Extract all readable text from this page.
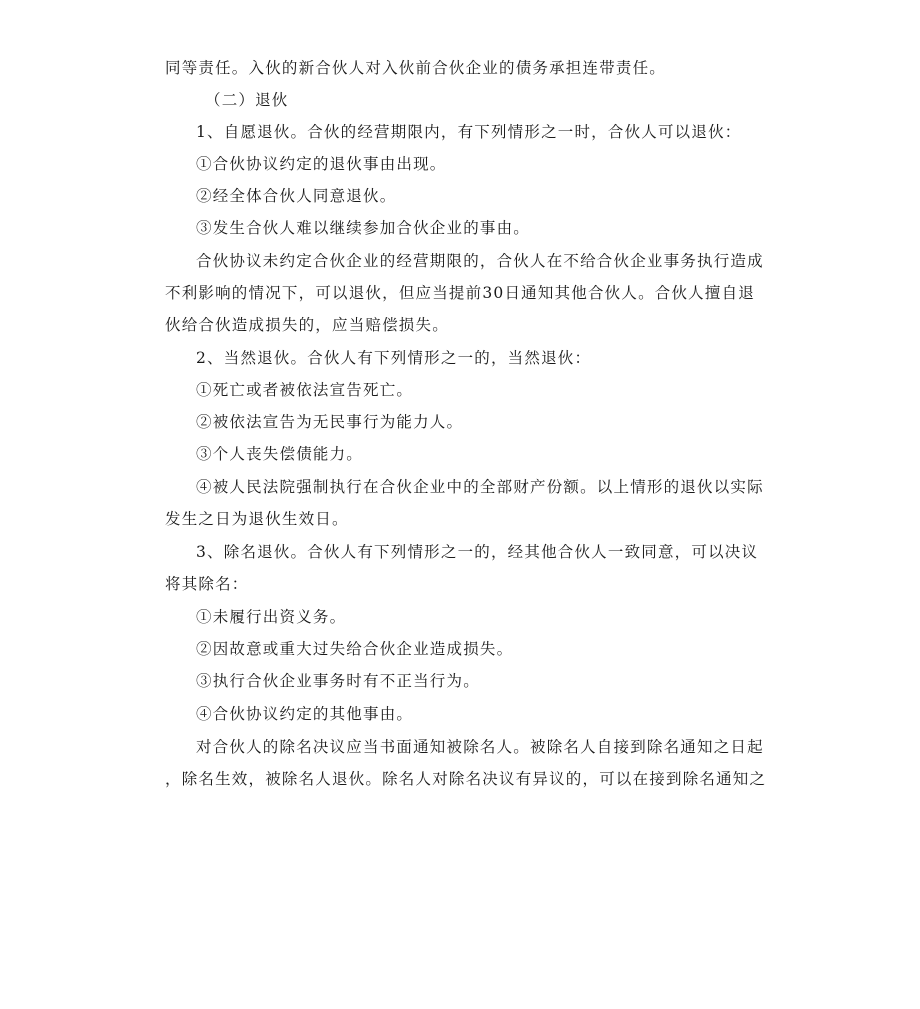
同等责任。入伙的新合伙人对入伙前合伙企业的债务承担连带责任。
（二）退伙
1、自愿退伙。合伙的经营期限内，有下列情形之一时，合伙人可以退伙：
①合伙协议约定的退伙事由出现。
②经全体合伙人同意退伙。
③发生合伙人难以继续参加合伙企业的事由。
合伙协议未约定合伙企业的经营期限的，合伙人在不给合伙企业事务执行造成
不利影响的情况下，可以退伙，但应当提前30日通知其他合伙人。合伙人擅自退
伙给合伙造成损失的，应当赔偿损失。
2、当然退伙。合伙人有下列情形之一的，当然退伙：
①死亡或者被依法宣告死亡。
②被依法宣告为无民事行为能力人。
③个人丧失偿债能力。
④被人民法院强制执行在合伙企业中的全部财产份额。以上情形的退伙以实际
发生之日为退伙生效日。
3、除名退伙。合伙人有下列情形之一的，经其他合伙人一致同意，可以决议
将其除名：
①未履行出资义务。
②因故意或重大过失给合伙企业造成损失。
③执行合伙企业事务时有不正当行为。
④合伙协议约定的其他事由。
对合伙人的除名决议应当书面通知被除名人。被除名人自接到除名通知之日起
，除名生效，被除名人退伙。除名人对除名决议有异议的，可以在接到除名通知之
